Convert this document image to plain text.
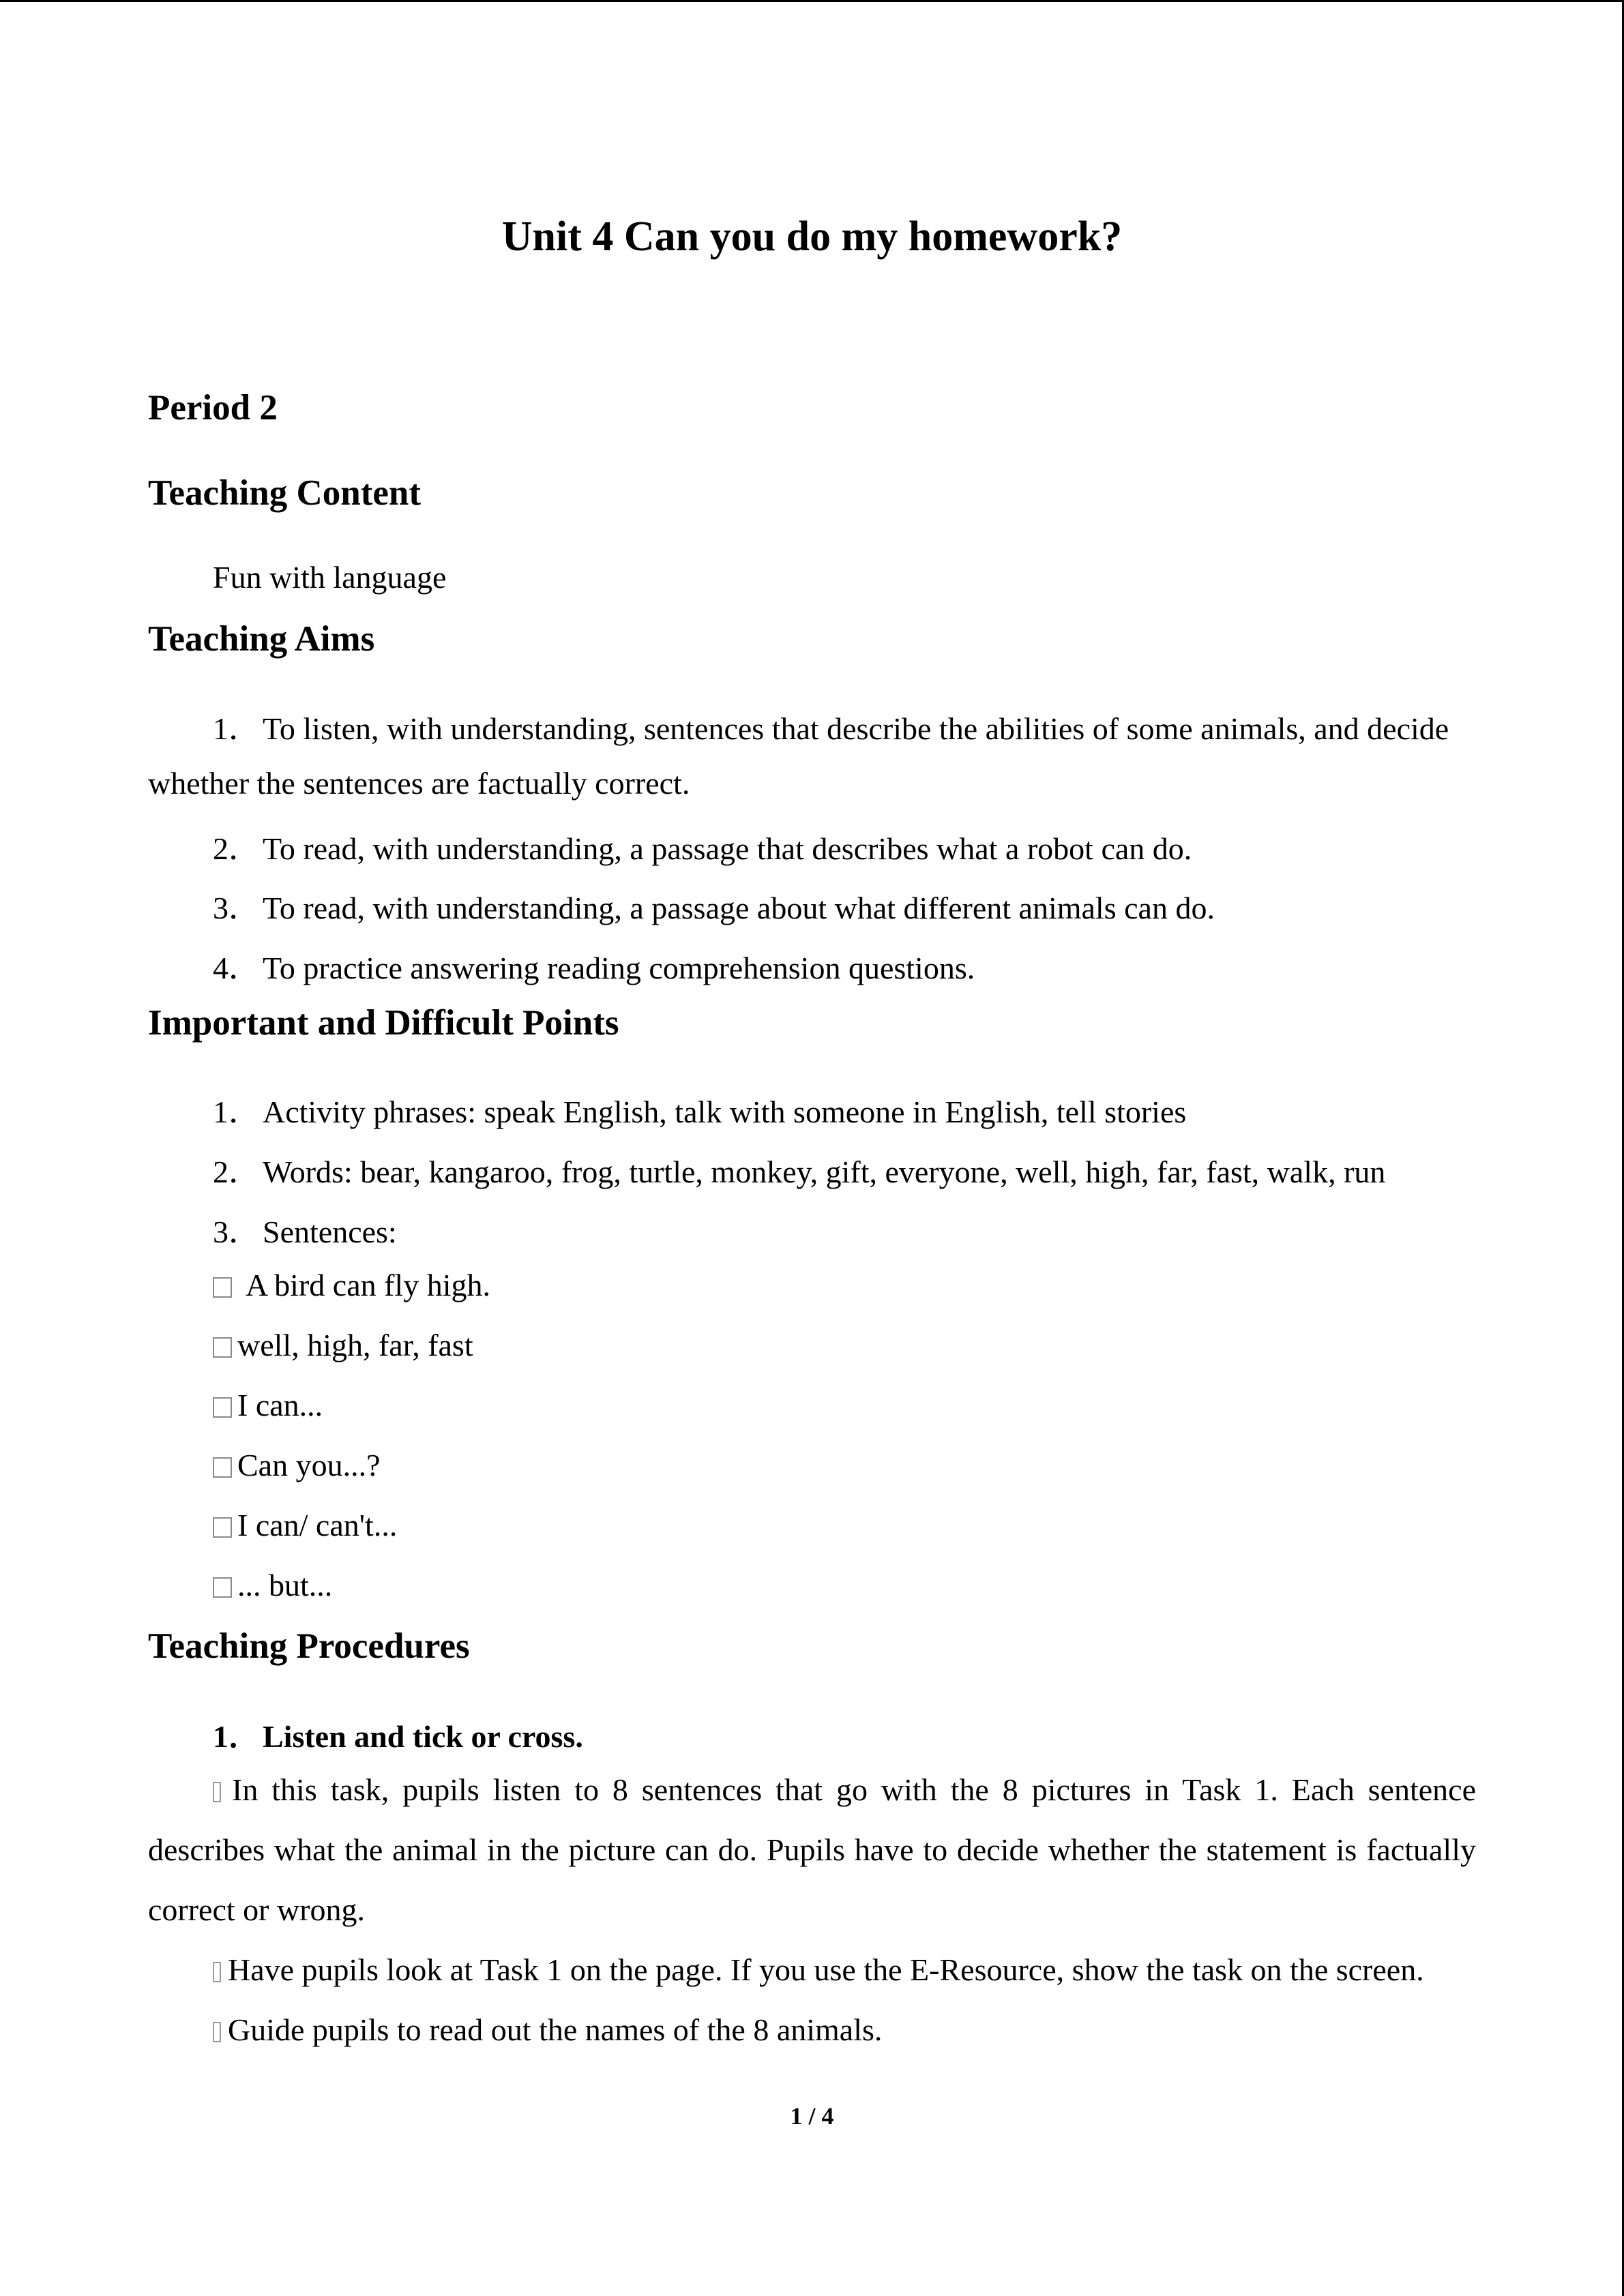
Unit 4 Can you do my homework?
Period 2
Teaching Content
Fun with language
Teaching Aims
1．To listen, with understanding, sentences that describe the abilities of some animals, and decide
whether the sentences are factually correct.
2．To read, with understanding, a passage that describes what a robot can do.
3．To read, with understanding, a passage about what different animals can do.
4．To practice answering reading comprehension questions.
Important and Difficult Points
1．Activity phrases: speak English, talk with someone in English, tell stories
2．Words: bear, kangaroo, frog, turtle, monkey, gift, everyone, well, high, far, fast, walk, run
3．Sentences:
A bird can fly high.
well, high, far, fast
I can...
Can you...?
I can/ can't...
... but...
Teaching Procedures
1．Listen and tick or cross.
In this task, pupils listen to 8 sentences that go with the 8 pictures in Task 1. Each sentence
describes what the animal in the picture can do. Pupils have to decide whether the statement is factually
correct or wrong.
Have pupils look at Task 1 on the page. If you use the E-Resource, show the task on the screen.
Guide pupils to read out the names of the 8 animals.
1 / 4
